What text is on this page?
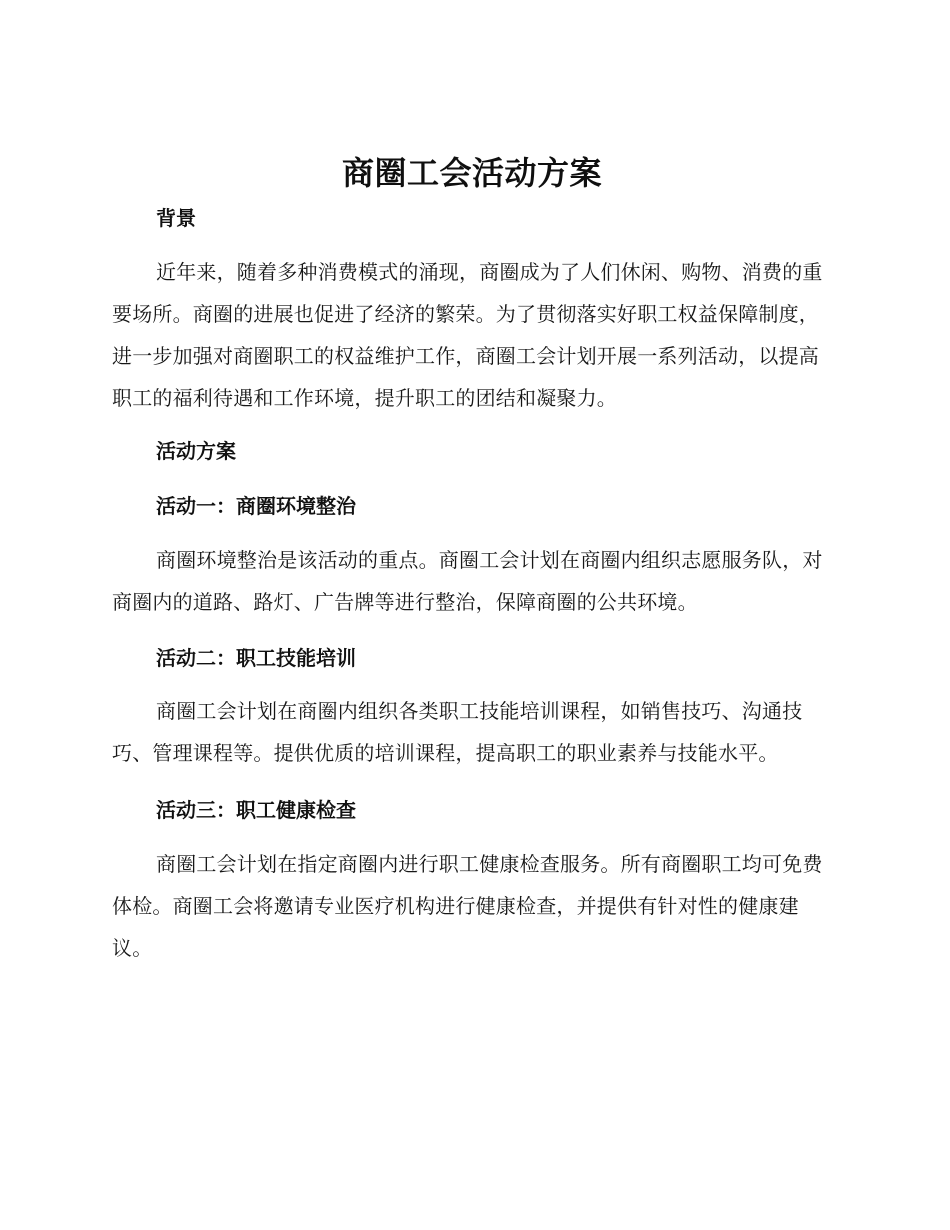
商圈工会活动方案
背景

近年来，随着多种消费模式的涌现，商圈成为了人们休闲、购物、消费的重要场所。商圈的进展也促进了经济的繁荣。为了贯彻落实好职工权益保障制度，进一步加强对商圈职工的权益维护工作，商圈工会计划开展一系列活动，以提高职工的福利待遇和工作环境，提升职工的团结和凝聚力。

活动方案
活动一：商圈环境整治

商圈环境整治是该活动的重点。商圈工会计划在商圈内组织志愿服务队，对商圈内的道路、路灯、广告牌等进行整治，保障商圈的公共环境。

活动二：职工技能培训

商圈工会计划在商圈内组织各类职工技能培训课程，如销售技巧、沟通技巧、管理课程等。提供优质的培训课程，提高职工的职业素养与技能水平。

活动三：职工健康检查

商圈工会计划在指定商圈内进行职工健康检查服务。所有商圈职工均可免费体检。商圈工会将邀请专业医疗机构进行健康检查，并提供有针对性的健康建议。
